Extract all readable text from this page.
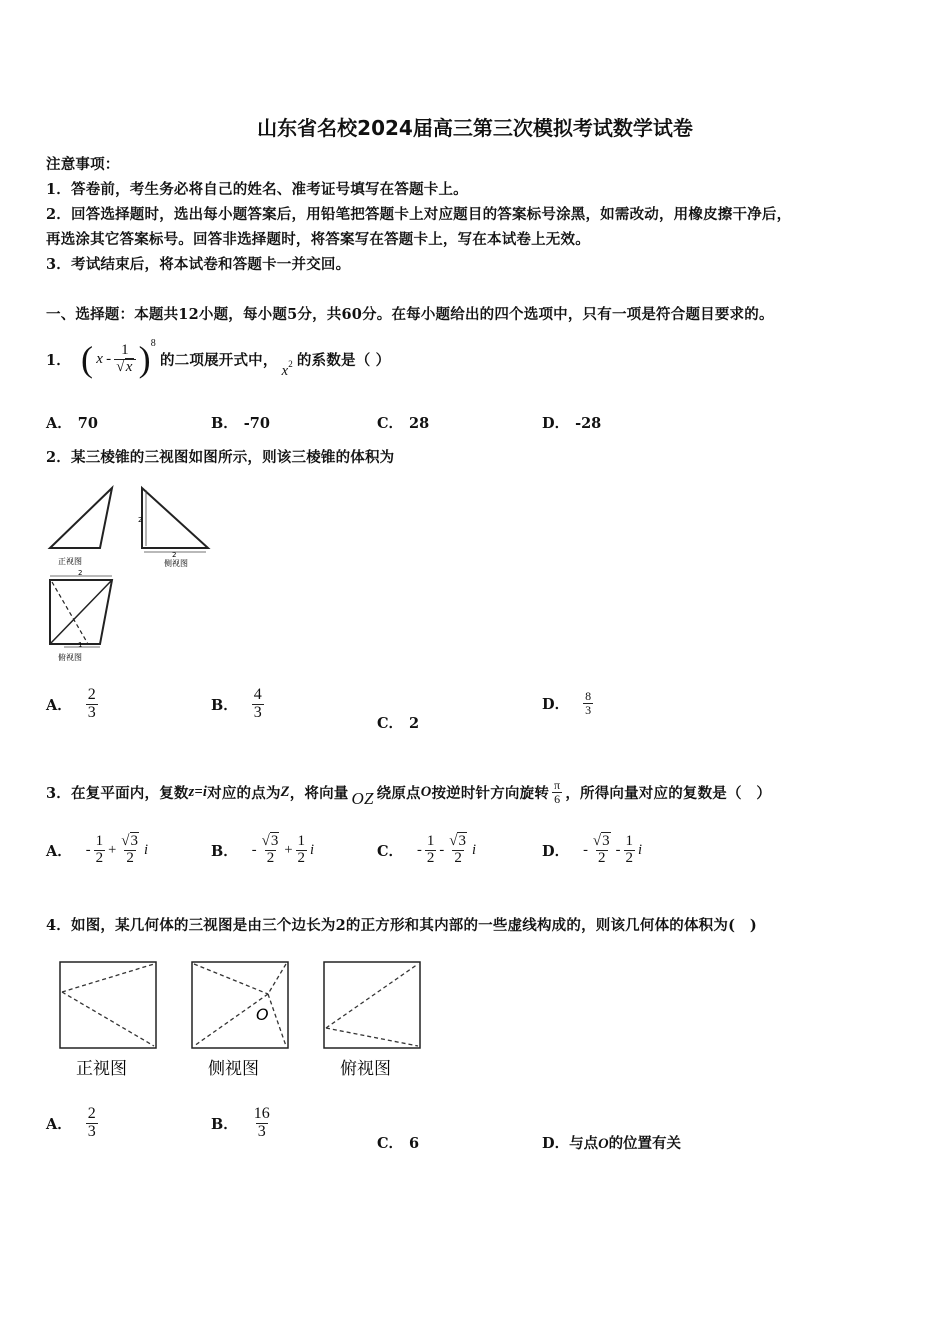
山东省名校2024届高三第三次模拟考试数学试卷
注意事项：
1．答卷前，考生务必将自己的姓名、准考证号填写在答题卡上。
2．回答选择题时，选出每小题答案后，用铅笔把答题卡上对应题目的答案标号涂黑，如需改动，用橡皮擦干净后，
再选涂其它答案标号。回答非选择题时，将答案写在答题卡上，写在本试卷上无效。
3．考试结束后，将本试卷和答题卡一并交回。
一、选择题：本题共12小题，每小题5分，共60分。在每小题给出的四个选项中，只有一项是符合题目要求的。
1． ( x - $\frac{1}{√x}$ ) 8
的二项展开式中，
$x^2$ 的系数是（ ）
A． 70	B． -70	C． 28	D． -28
2．某三棱锥的三视图如图所示，则该三棱锥的体积为
正视图
2
2
侧视图
2
1
俯视图
A． $\frac{2}{3}$	B． $\frac{4}{3}$
C． 2
D． $\frac{8}{3}$
3．在复平面内，复数 z=i 对应的点为 Z ，将向量 OZ 绕原点 O 按逆时针方向旋转 $\frac{\pi}{6}$ ，所得向量对应的复数是（　）
A． - $\frac{1}{2} + \frac{√3}{2}$ i	B． - $\frac{√3}{2} + \frac{1}{2}$ i	C． - $\frac{1}{2} - \frac{√3}{2}$ i	D． - $\frac{√3}{2} - \frac{1}{2}$ i
4．如图，某几何体的三视图是由三个边长为2的正方形和其内部的一些虚线构成的，则该几何体的体积为(　)
正视图
O
侧视图	俯视图
A． $\frac{2}{3}$	B． $\frac{16}{3}$
C． 6	D．与点O的位置有关
